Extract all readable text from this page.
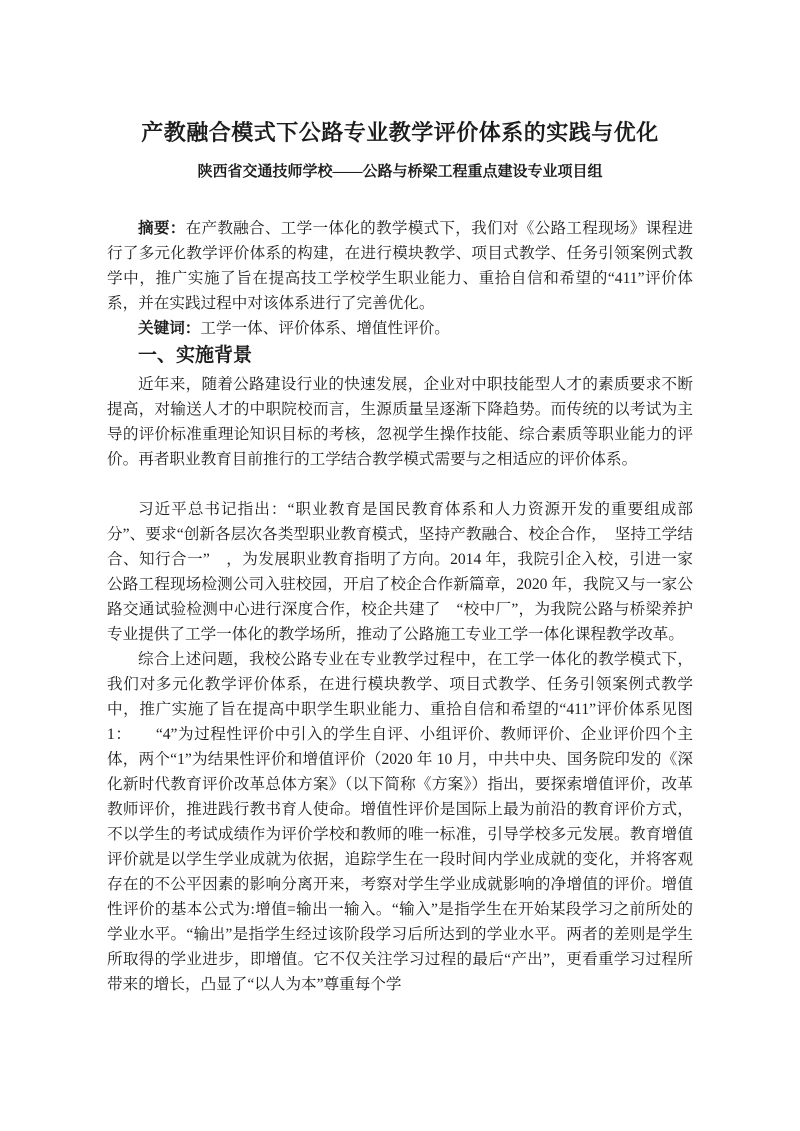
产教融合模式下公路专业教学评价体系的实践与优化
陕西省交通技师学校——公路与桥梁工程重点建设专业项目组

摘要：在产教融合、工学一体化的教学模式下，我们对《公路工程现场》课程进行了多元化教学评价体系的构建，在进行模块教学、项目式教学、任务引领案例式教学中，推广实施了旨在提高技工学校学生职业能力、重拾自信和希望的“411”评价体系，并在实践过程中对该体系进行了完善优化。

关键词：工学一体、评价体系、增值性评价。

一、实施背景

近年来，随着公路建设行业的快速发展，企业对中职技能型人才的素质要求不断提高，对输送人才的中职院校而言，生源质量呈逐渐下降趋势。而传统的以考试为主导的评价标准重理论知识目标的考核，忽视学生操作技能、综合素质等职业能力的评价。再者职业教育目前推行的工学结合教学模式需要与之相适应的评价体系。

习近平总书记指出：“职业教育是国民教育体系和人力资源开发的重要组成部分”、要求“创新各层次各类型职业教育模式，坚持产教融合、校企合作，　坚持工学结合、知行合一”　，为发展职业教育指明了方向。2014 年，我院引企入校，引进一家公路工程现场检测公司入驻校园，开启了校企合作新篇章，2020 年，我院又与一家公路交通试验检测中心进行深度合作，校企共建了　“校中厂”，为我院公路与桥梁养护专业提供了工学一体化的教学场所，推动了公路施工专业工学一体化课程教学改革。

综合上述问题，我校公路专业在专业教学过程中，在工学一体化的教学模式下，我们对多元化教学评价体系，在进行模块教学、项目式教学、任务引领案例式教学中，推广实施了旨在提高中职学生职业能力、重拾自信和希望的“411”评价体系见图 1：　　“4”为过程性评价中引入的学生自评、小组评价、教师评价、企业评价四个主体，两个“1”为结果性评价和增值评价（2020 年 10 月，中共中央、国务院印发的《深化新时代教育评价改革总体方案》（以下简称《方案》）指出，要探索增值评价，改革教师评价，推进践行教书育人使命。增值性评价是国际上最为前沿的教育评价方式，不以学生的考试成绩作为评价学校和教师的唯一标准，引导学校多元发展。教育增值评价就是以学生学业成就为依据，追踪学生在一段时间内学业成就的变化，并将客观存在的不公平因素的影响分离开来，考察对学生学业成就影响的净增值的评价。增值性评价的基本公式为:增值=输出一输入。“输入”是指学生在开始某段学习之前所处的学业水平。“输出”是指学生经过该阶段学习后所达到的学业水平。两者的差则是学生所取得的学业进步，即增值。它不仅关注学习过程的最后“产出”，更看重学习过程所带来的增长，凸显了“以人为本”尊重每个学
